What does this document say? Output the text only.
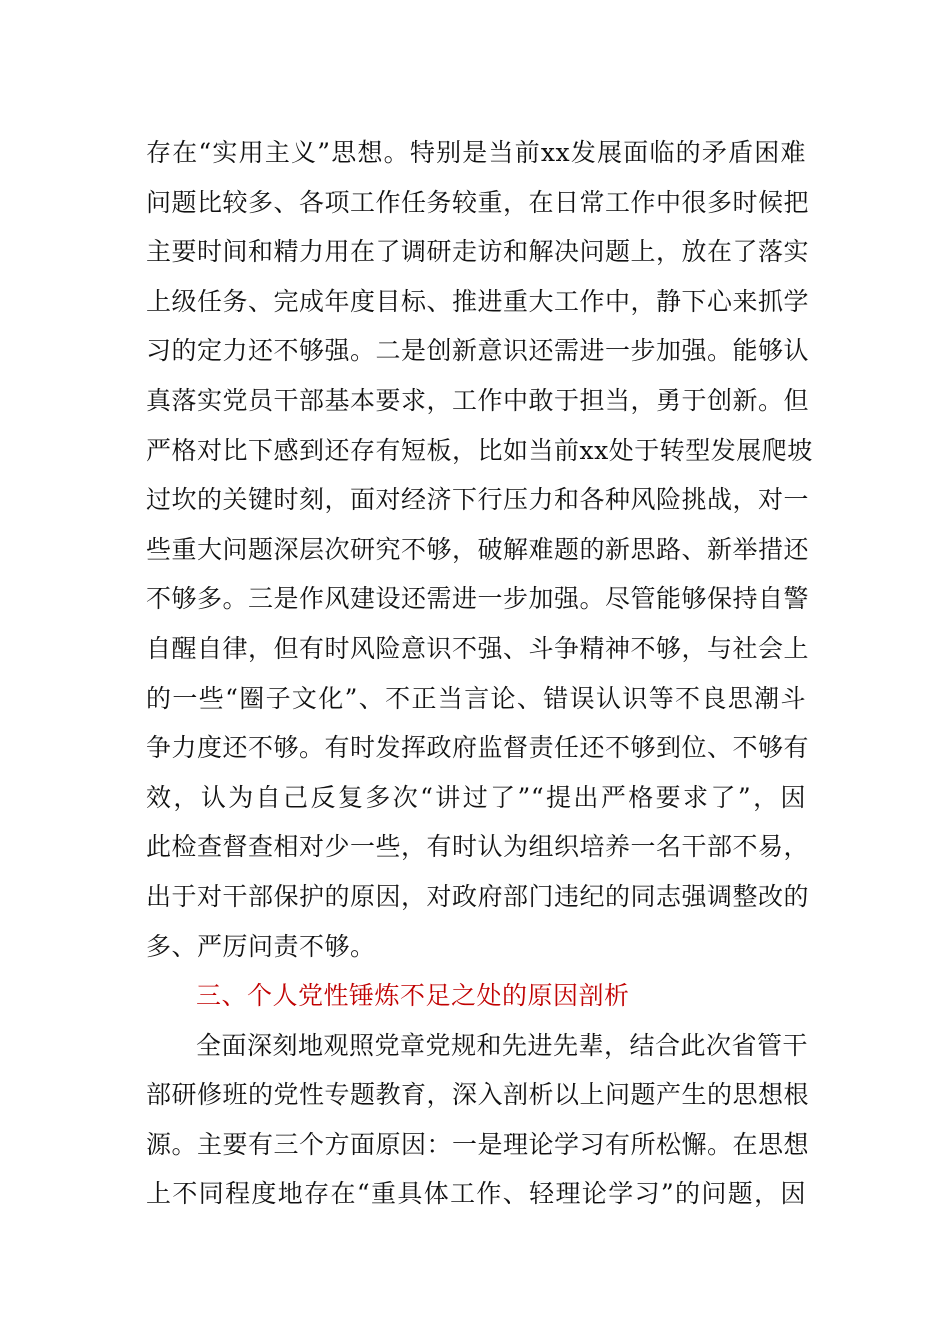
存在“实用主义”思想。特别是当前xx发展面临的矛盾困难
问题比较多、各项工作任务较重，在日常工作中很多时候把
主要时间和精力用在了调研走访和解决问题上，放在了落实
上级任务、完成年度目标、推进重大工作中，静下心来抓学
习的定力还不够强。二是创新意识还需进一步加强。能够认
真落实党员干部基本要求，工作中敢于担当，勇于创新。但
严格对比下感到还存有短板，比如当前xx处于转型发展爬坡
过坎的关键时刻，面对经济下行压力和各种风险挑战，对一
些重大问题深层次研究不够，破解难题的新思路、新举措还
不够多。三是作风建设还需进一步加强。尽管能够保持自警
自醒自律，但有时风险意识不强、斗争精神不够，与社会上
的一些“圈子文化”、不正当言论、错误认识等不良思潮斗
争力度还不够。有时发挥政府监督责任还不够到位、不够有
效，认为自己反复多次“讲过了”“提出严格要求了”，因
此检查督查相对少一些，有时认为组织培养一名干部不易，
出于对干部保护的原因，对政府部门违纪的同志强调整改的
多、严厉问责不够。
三、个人党性锤炼不足之处的原因剖析
全面深刻地观照党章党规和先进先辈，结合此次省管干
部研修班的党性专题教育，深入剖析以上问题产生的思想根
源。主要有三个方面原因：一是理论学习有所松懈。在思想
上不同程度地存在“重具体工作、轻理论学习”的问题，因
